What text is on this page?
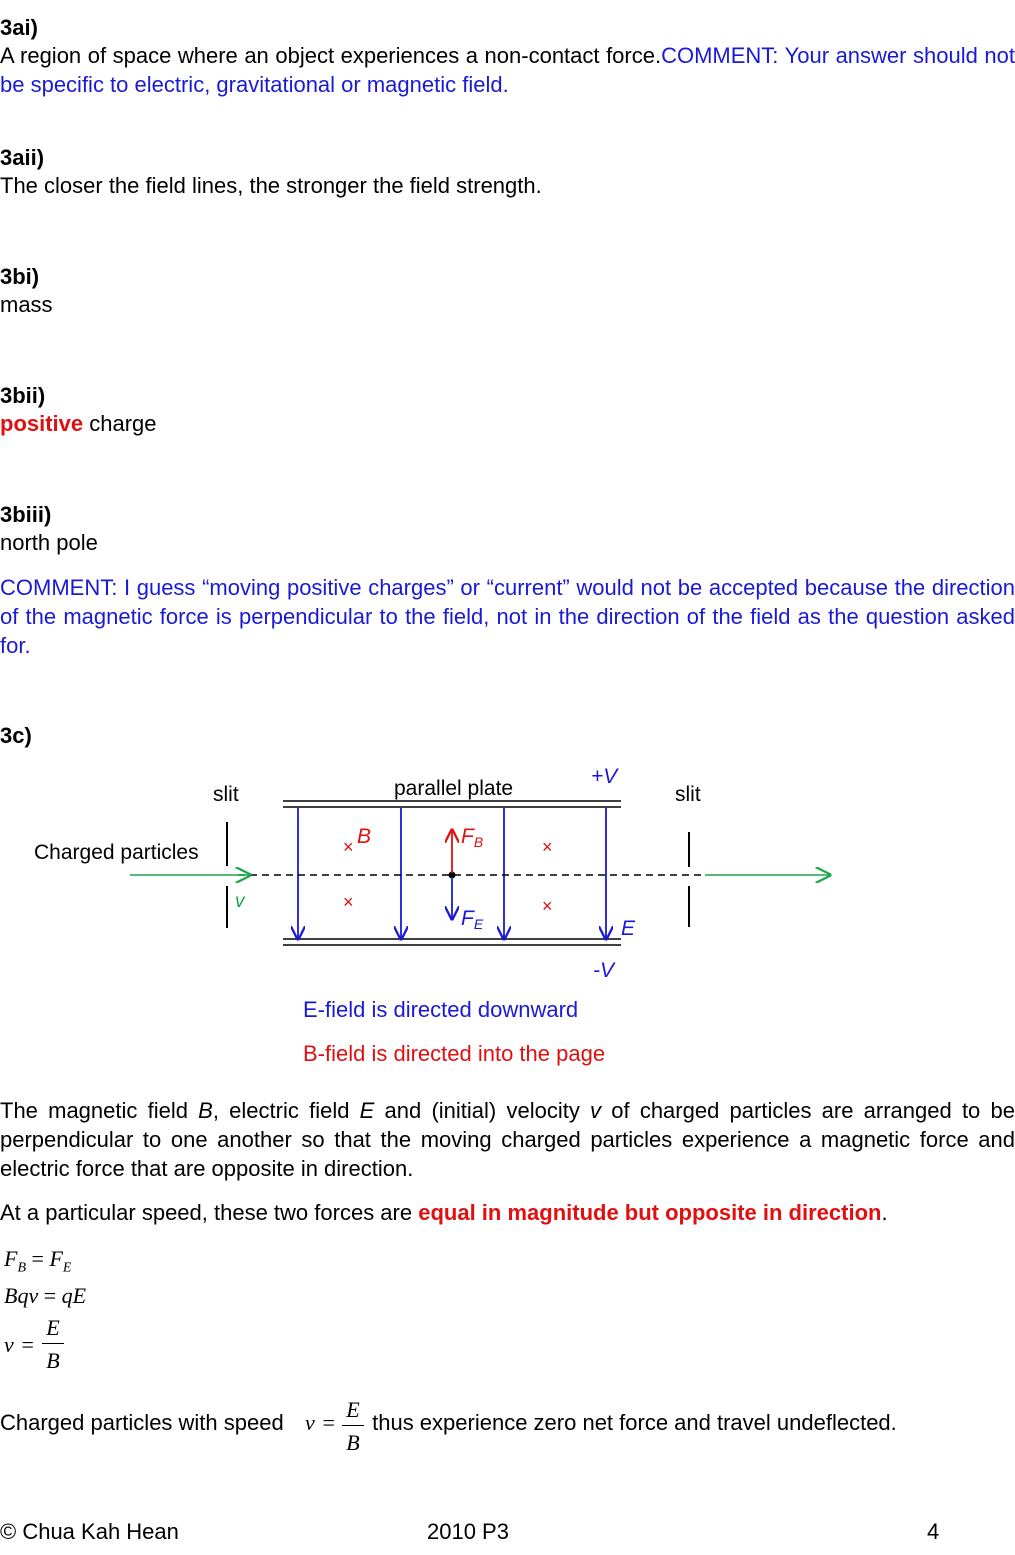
3ai)
A region of space where an object experiences a non-contact force.COMMENT: Your answer should not be specific to electric, gravitational or magnetic field.
3aii)
The closer the field lines, the stronger the field strength.
3bi)
mass
3bii)
positive charge
3biii)
north pole
COMMENT: I guess “moving positive charges” or “current” would not be accepted because the direction of the magnetic force is perpendicular to the field, not in the direction of the field as the question asked for.
3c)
slit	slit
parallel plate
+V
-V
Charged particles
v
FB
FE
× B	×
×	×
E
E-field is directed downward
B-field is directed into the page
The magnetic field B, electric field E and (initial) velocity v of charged particles are arranged to be perpendicular to one another so that the moving charged particles experience a magnetic force and electric force that are opposite in direction.
At a particular speed, these two forces are equal in magnitude but opposite in direction.
$F_B = F_E$
Bqv = qE
v =
E
B
Charged particles with speed v =
E
B
thus experience zero net force and travel undeflected.
© Chua Kah Hean	2010 P3	4
